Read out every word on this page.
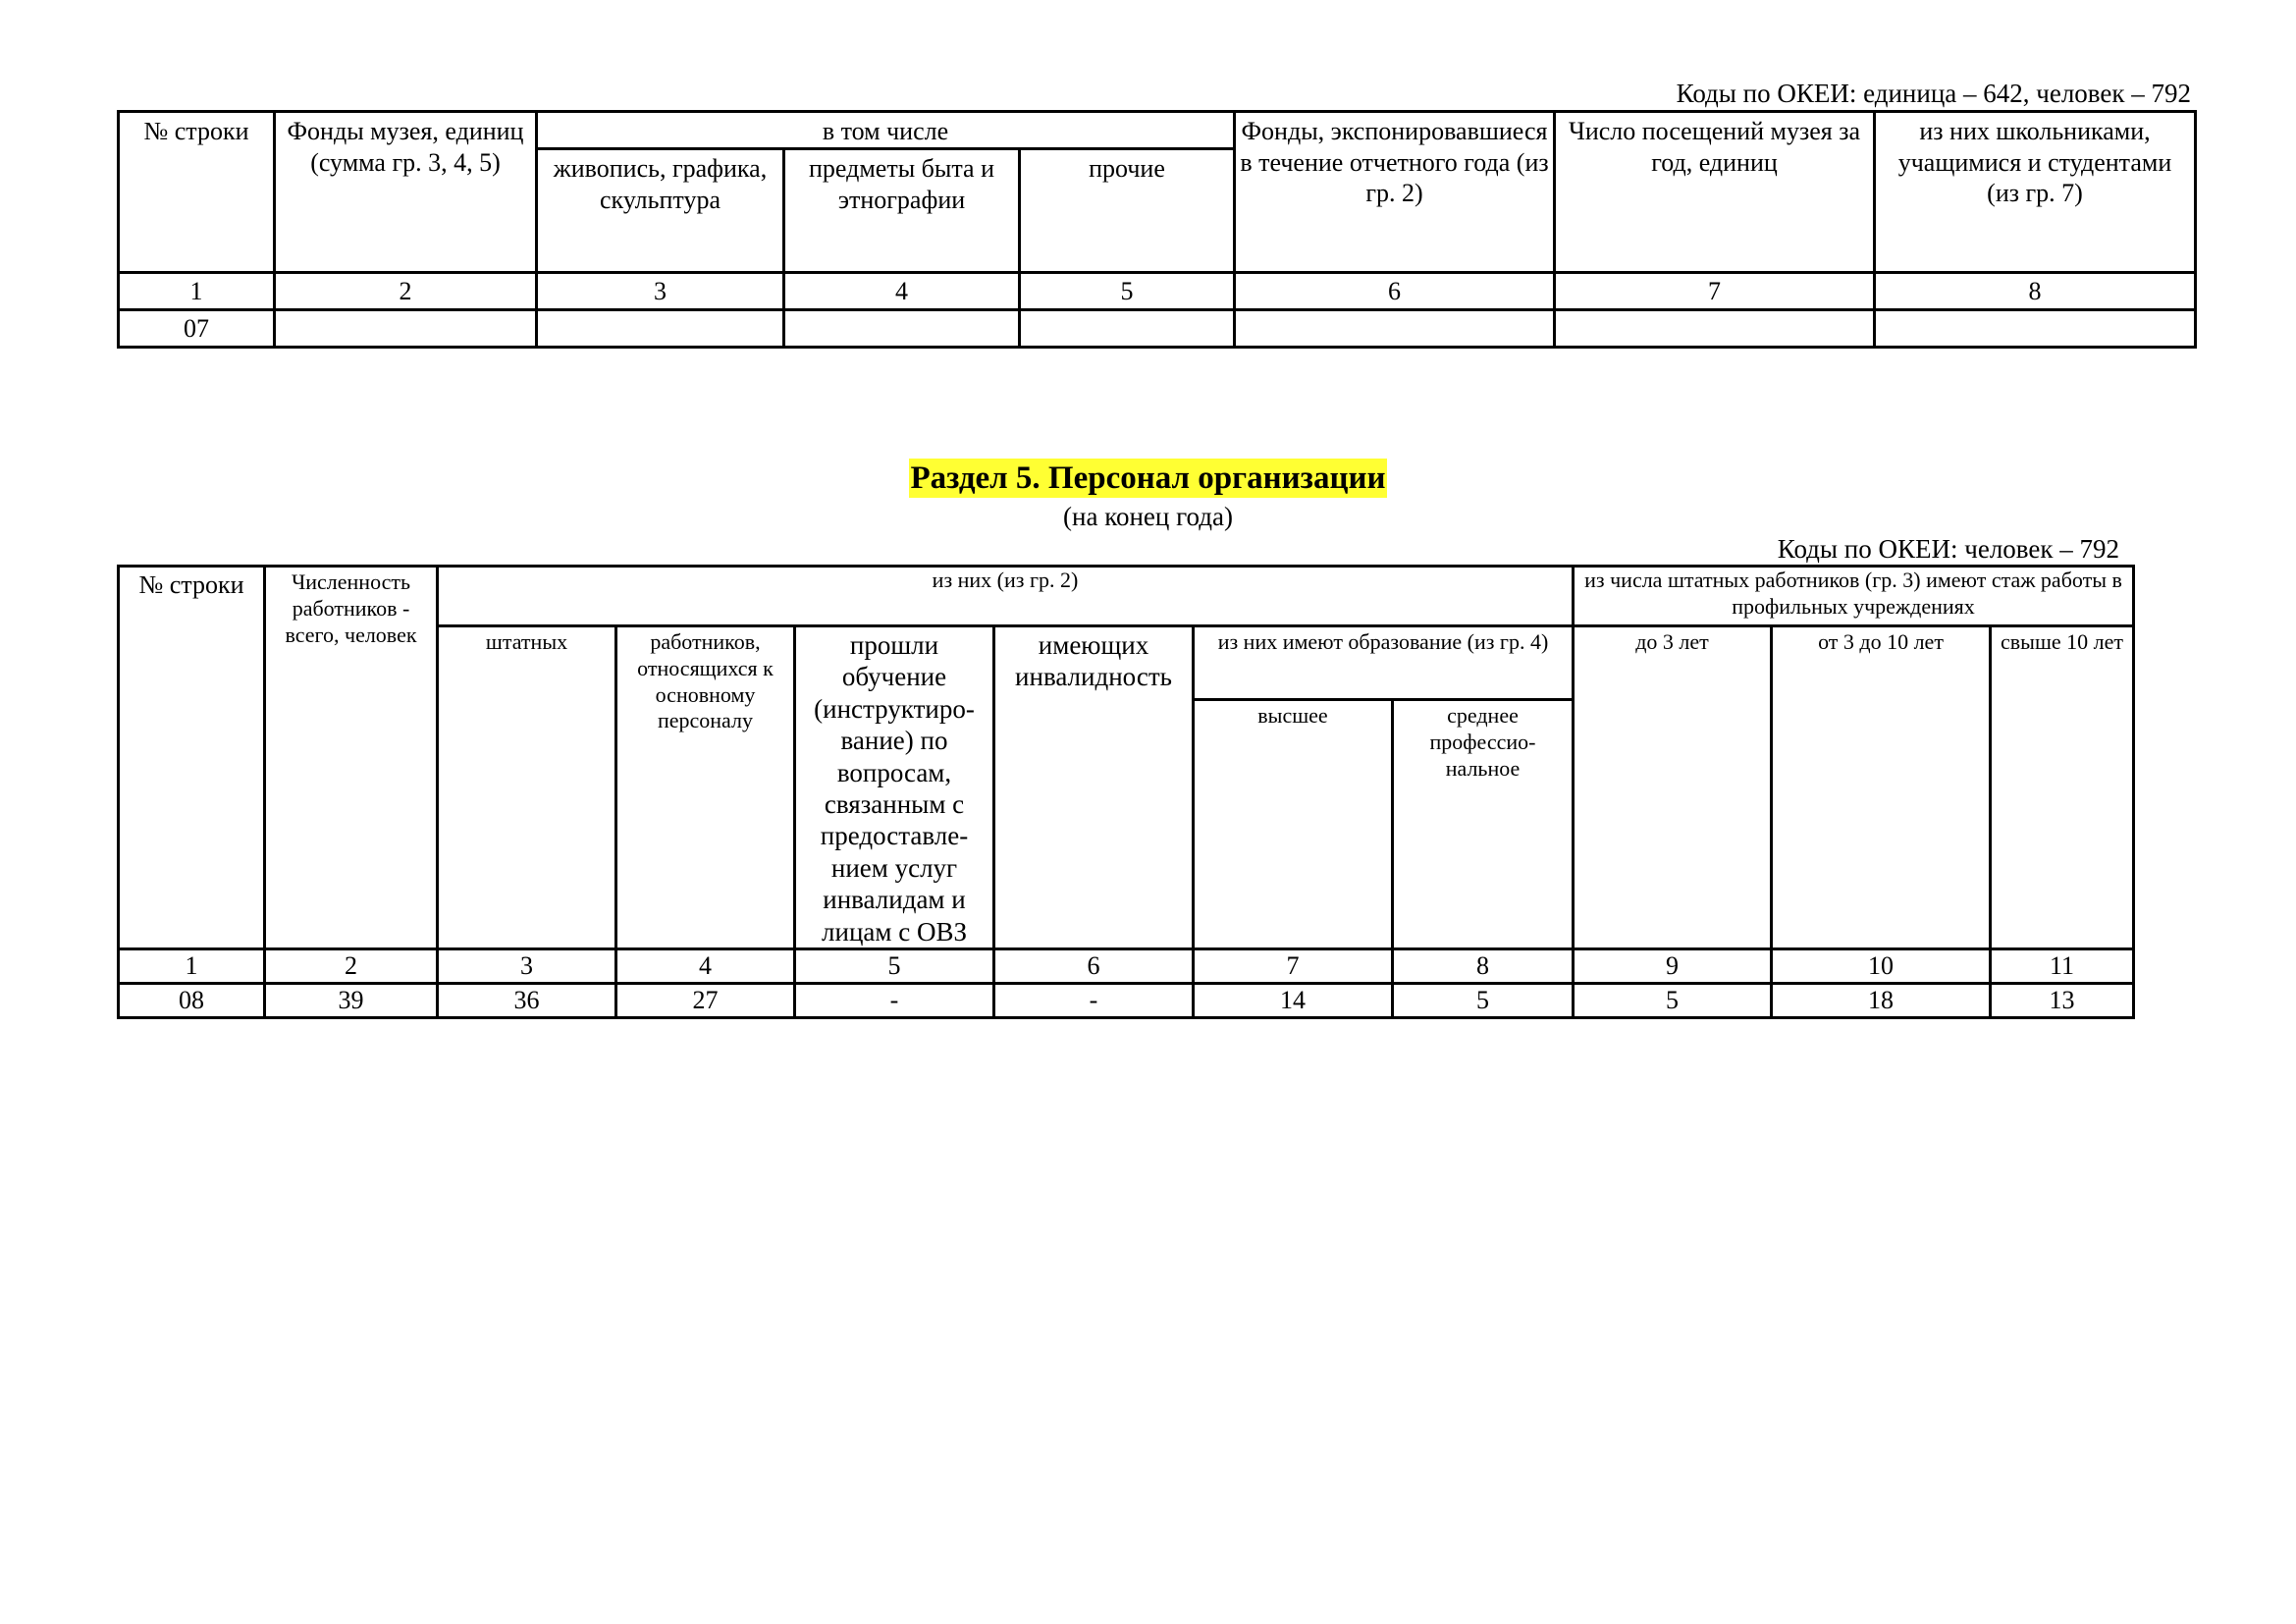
Коды по ОКЕИ: единица – 642, человек – 792
№ строки	Фонды музея, единиц (сумма гр. 3, 4, 5)	в том числе			Фонды, экспонировавшиеся в течение отчетного года (из гр. 2)	Число посещений музея за год, единиц	из них школьниками, учащимися и студентами (из гр. 7)
		живопись, графика, скульптура	предметы быта и этнографии	прочие			
1	2	3	4	5	6	7	8
07							
Раздел 5. Персонал организации
(на конец года)
Коды по ОКЕИ: человек – 792
№ строки	Численность работников - всего, человек	из них (из гр. 2)						из числа штатных работников (гр. 3) имеют стаж работы в профильных учреждениях		
		штатных	работников, относящихся к основному персоналу	прошли обучение (инструктиро-вание) по вопросам, связанным с предоставле-нием услуг инвалидам и лицам с ОВЗ	имеющих инвалидность	из них имеют образование (из гр. 4)		до 3 лет	от 3 до 10 лет	свыше 10 лет
						высшее	среднее профессио-нальное			
1	2	3	4	5	6	7	8	9	10	11
08	39	36	27	-	-	14	5	5	18	13
